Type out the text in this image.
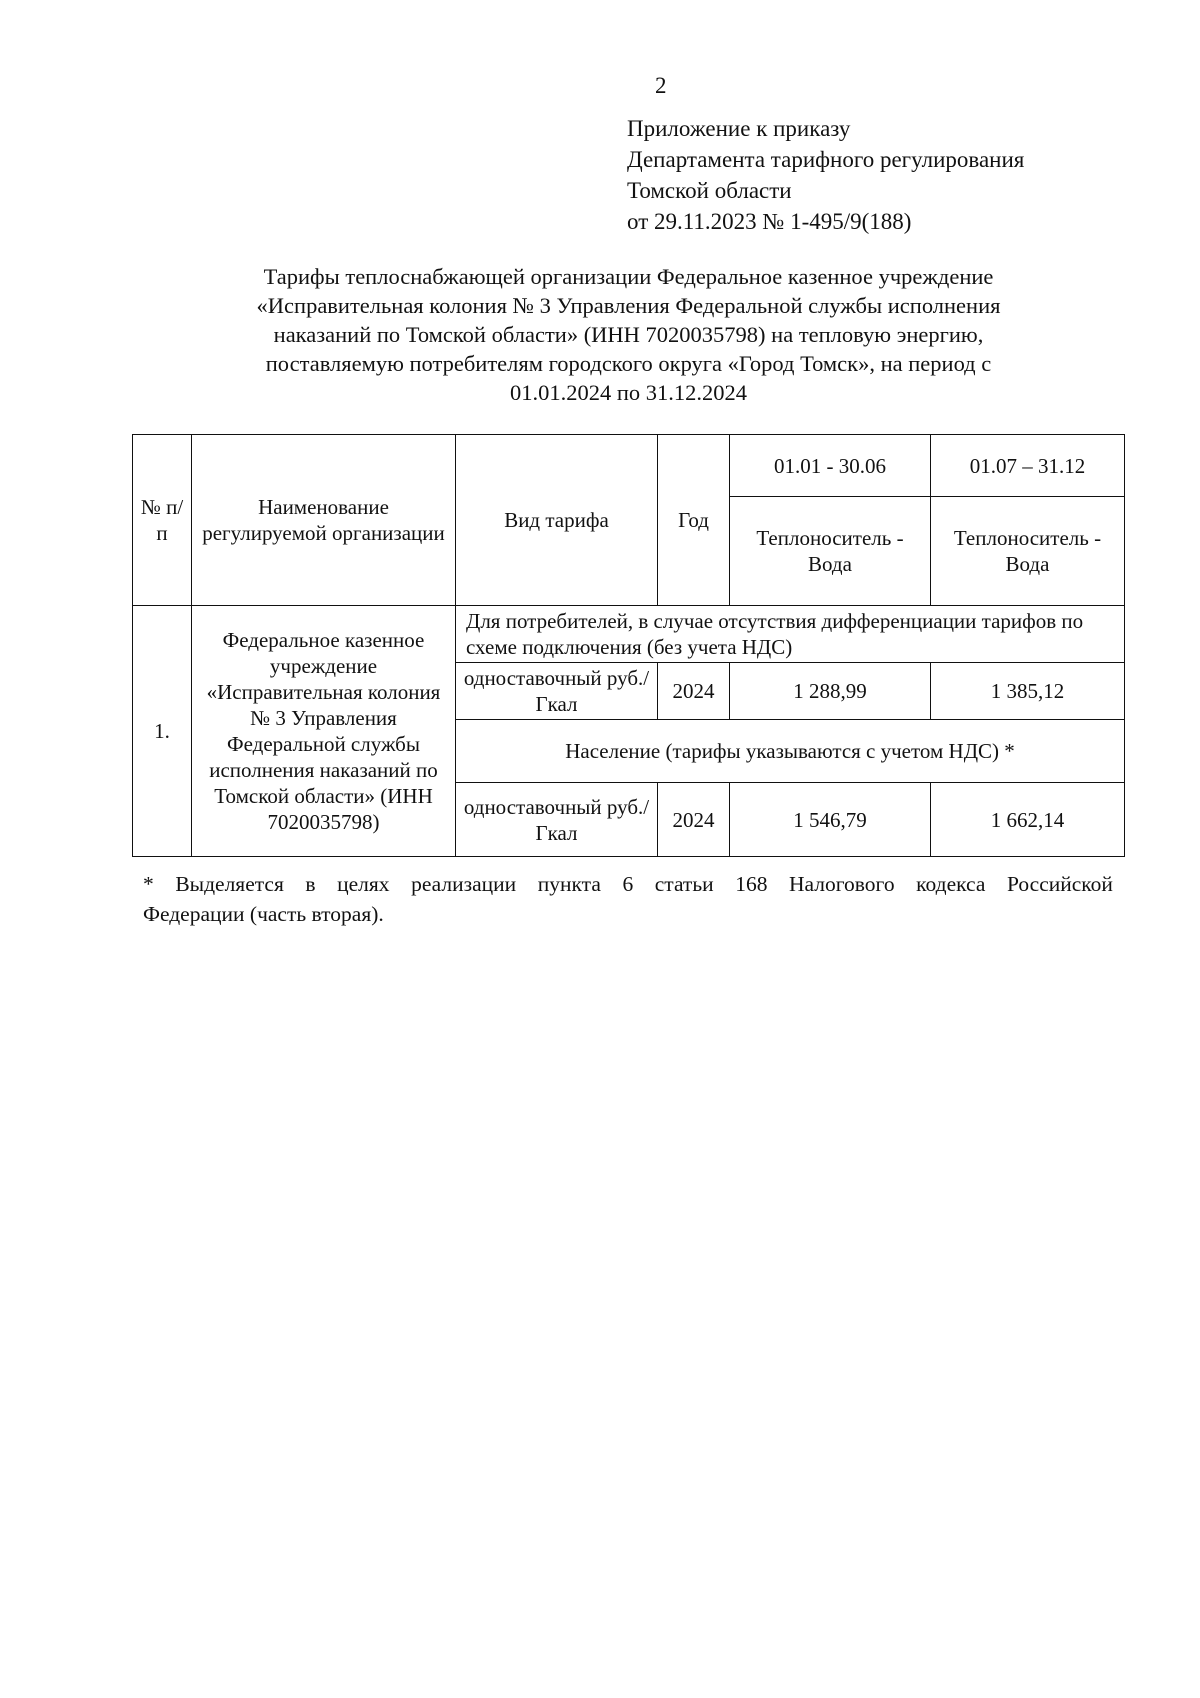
2
Приложение к приказу
Департамента тарифного регулирования
Томской области
от 29.11.2023 № 1-495/9(188)
Тарифы теплоснабжающей организации Федеральное казенное учреждение
«Исправительная колония № 3 Управления Федеральной службы исполнения
наказаний по Томской области» (ИНН 7020035798) на тепловую энергию,
поставляемую потребителям городского округа «Город Томск», на период с
01.01.2024 по 31.12.2024
№ п/п	Наименование регулируемой организации	Вид тарифа	Год	01.01 - 30.06	01.07 – 31.12
				Теплоноситель - Вода	Теплоноситель - Вода
1.	Федеральное казенное учреждение «Исправительная колония № 3 Управления Федеральной службы исполнения наказаний по Томской области» (ИНН 7020035798)	Для потребителей, в случае отсутствия дифференциации тарифов по схеме подключения (без учета НДС)			
		одноставочный руб./Гкал	2024	1 288,99	1 385,12
		Население (тарифы указываются с учетом НДС) *			
		одноставочный руб./Гкал	2024	1 546,79	1 662,14
* Выделяется в целях реализации пункта 6 статьи 168 Налогового кодекса Российской
Федерации (часть вторая).
